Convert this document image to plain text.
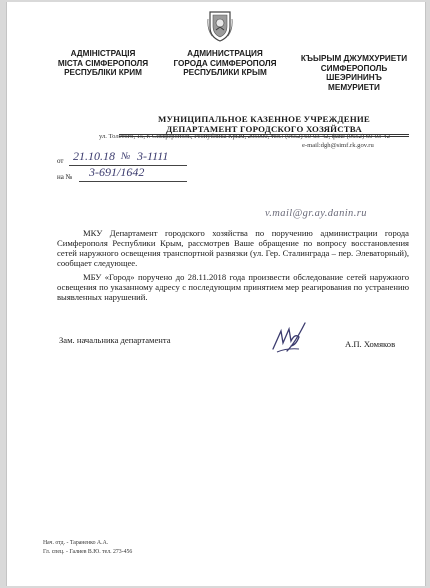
АДМІНІСТРАЦІЯ
МІСТА СІМФЕРОПОЛЯ
РЕСПУБЛІКИ КРИМ
АДМИНИСТРАЦИЯ
ГОРОДА СИМФЕРОПОЛЯ
РЕСПУБЛИКИ КРЫМ
КЪЫРЫМ ДЖУМХУРИЕТИ
СИМФЕРОПОЛЬ
ШЕЭРИНИНЪ
МЕМУРИЕТИ
МУНИЦИПАЛЬНОЕ КАЗЕННОЕ УЧРЕЖДЕНИЕ
ДЕПАРТАМЕНТ ГОРОДСКОГО ХОЗЯЙСТВА
ул. Толстого, 15, г. Симферополь, Республика Крым, 295000, тел.: (0652) 60-03-42, факс (0652) 60-03-42
e-mail:dgh@simf.rk.gov.ru
от 21.10.18 № 3-1111
на № 3-691/1642
v.mail@gr.ay.danin.ru

МКУ Департамент городского хозяйства по поручению администрации города Симферополя Республики Крым, рассмотрев Ваше обращение по вопросу восстановления сетей наружного освещения транспортной развязки (ул. Гер. Сталинграда – пер. Элеваторный), сообщает следующее.

МБУ «Город» поручено до 28.11.2018 года произвести обследование сетей наружного освещения по указанному адресу с последующим принятием мер реагирования по устранению выявленных нарушений.

Зам. начальника департамента	А.П. Хомяков
Нач. отд. - Тараненко А.А.
Гл. спец. - Галиев В.Ю. тел. 273-456
